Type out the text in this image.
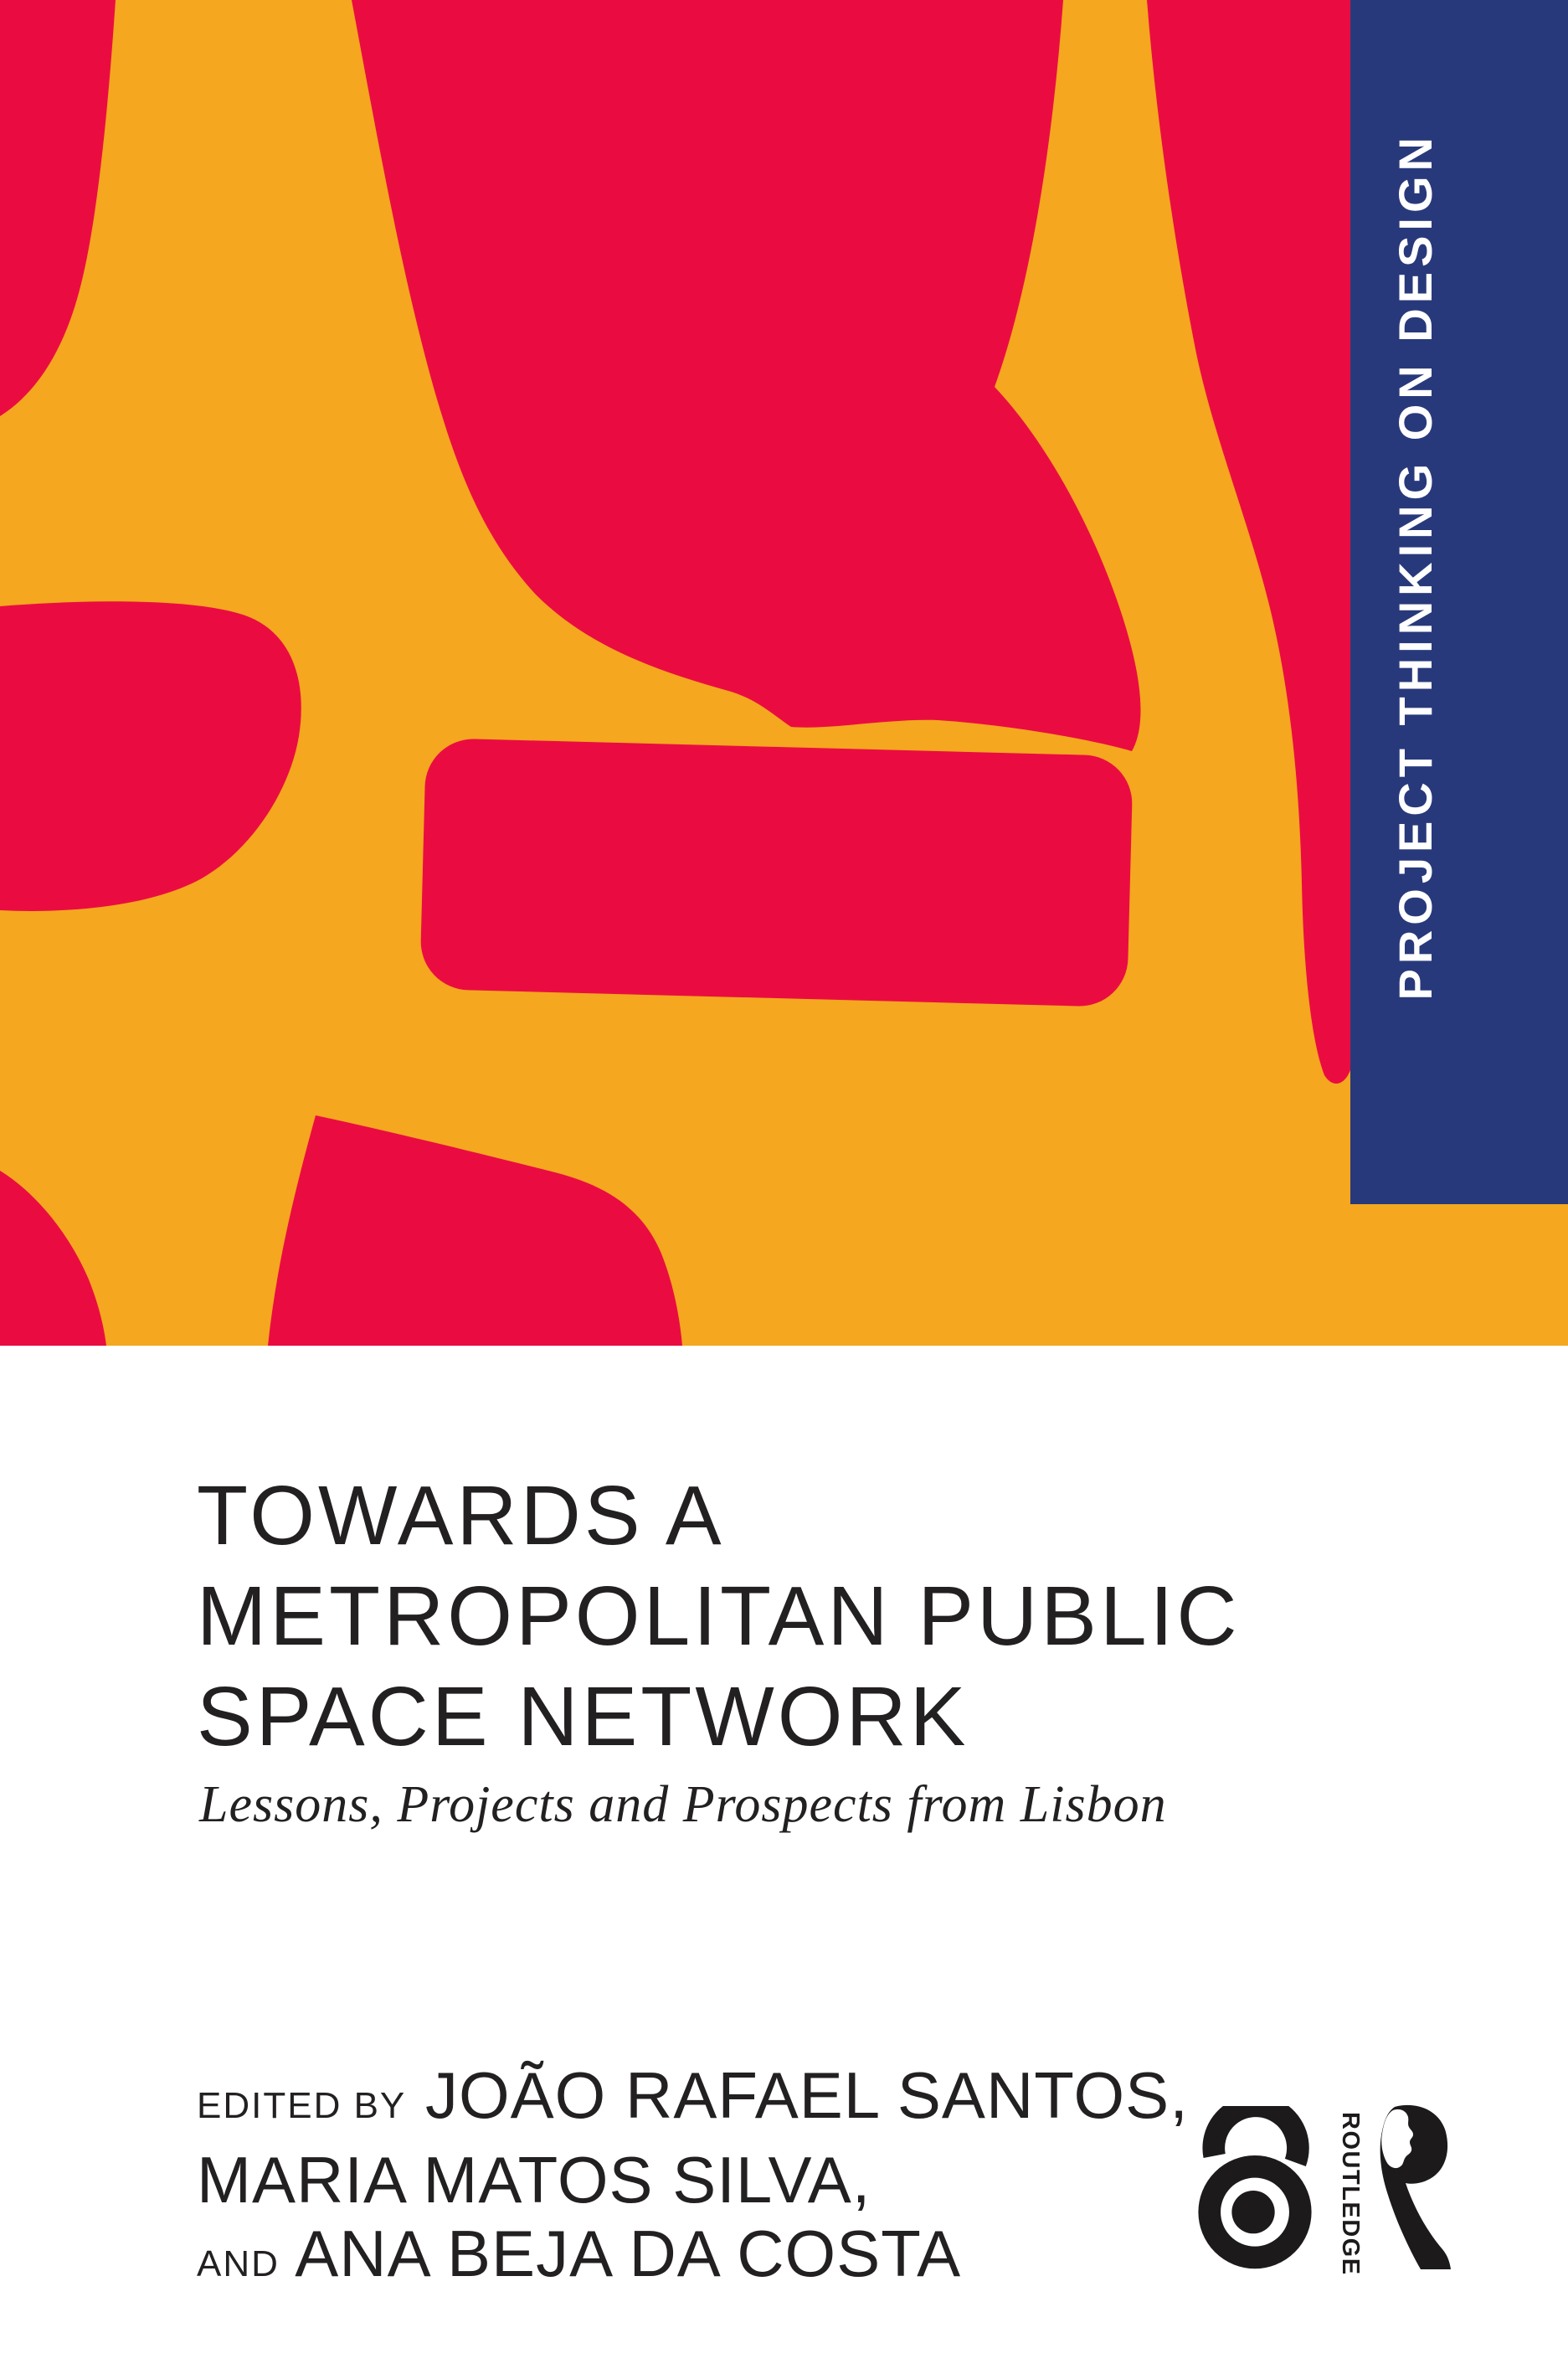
PROJECT THINKING ON DESIGN
TOWARDS A
METROPOLITAN PUBLIC
SPACE NETWORK
Lessons, Projects and Prospects from Lisbon
EDITED BY JOÃO RAFAEL SANTOS,
MARIA MATOS SILVA,
AND ANA BEJA DA COSTA	ROUTLEDGE
